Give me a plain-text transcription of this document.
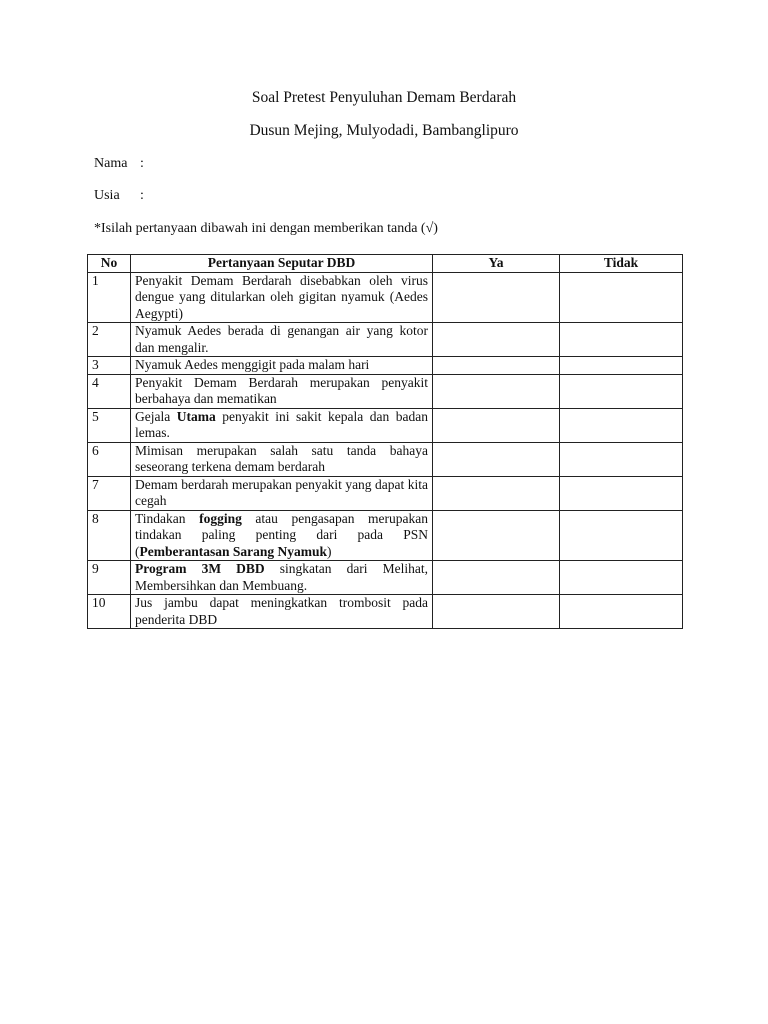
Soal Pretest Penyuluhan Demam Berdarah
Dusun Mejing, Mulyodadi, Bambanglipuro
Nama :
Usia :
*Isilah pertanyaan dibawah ini dengan memberikan tanda (√)
No	Pertanyaan Seputar DBD	Ya	Tidak
1	Penyakit Demam Berdarah disebabkan oleh virus dengue yang ditularkan oleh gigitan nyamuk (Aedes Aegypti)		
2	Nyamuk Aedes berada di genangan air yang kotor dan mengalir.		
3	Nyamuk Aedes menggigit pada malam hari		
4	Penyakit Demam Berdarah merupakan penyakit berbahaya dan mematikan		
5	Gejala Utama penyakit ini sakit kepala dan badan lemas.		
6	Mimisan merupakan salah satu tanda bahaya seseorang terkena demam berdarah		
7	Demam berdarah merupakan penyakit yang dapat kita cegah		
8	Tindakan fogging atau pengasapan merupakan tindakan paling penting dari pada PSN (Pemberantasan Sarang Nyamuk)		
9	Program 3M DBD singkatan dari Melihat, Membersihkan dan Membuang.		
10	Jus jambu dapat meningkatkan trombosit pada penderita DBD		
